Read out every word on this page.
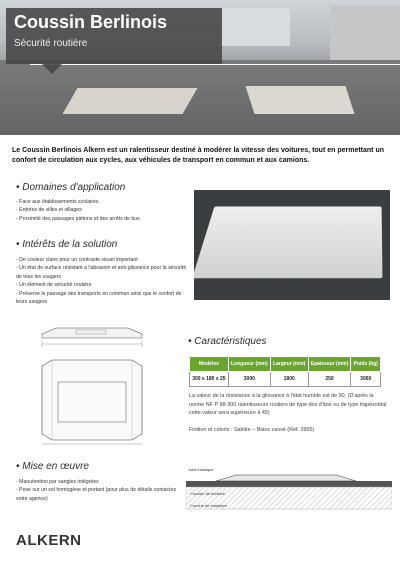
Coussin Berlinois
Sécurité routière
Le Coussin Berlinois Alkern est un ralentisseur destiné à modérer la vitesse des voitures, tout en permettant un confort de circulation aux cycles, aux véhicules de transport en commun et aux camions.
• Domaines d'application
- Face aux établissements scolaires
- Entrées de villes et villages
- Proximité des passages piétons et des arrêts de bus
• Intérêts de la solution
- De couleur claire pour un contraste visuel important
- Un état de surface résistant à l'abrasion et anti-glissance pour la sécurité de tous les usagers
- Un élément de sécurité routière
- Préserve le passage des transports en commun ainsi que le confort de leurs usagers
• Caractéristiques
Modèles	Longueur (mm)	Largeur (mm)	Epaisseur (mm)	Poids (kg)
300 x 180 x 25	3000	1800	250	3060
La valeur de la résistance à la glissance à l'état humide est de 90. (D'après la norme NF P 98-300 ralentisseurs routiers de type dos d'âne ou de type trapézoïdal cette valeur sera supérieure à 45)
Finition et coloris : Sablée – Blanc cassé (Réf. 3965)
• Mise en œuvre
- Manutention par sangles intégrées
- Pose sur un sol homogène et portant (pour plus de détails contactez votre agence)
Joint élastique
Coussin de bordure
Couche de fondation
ALKERN
